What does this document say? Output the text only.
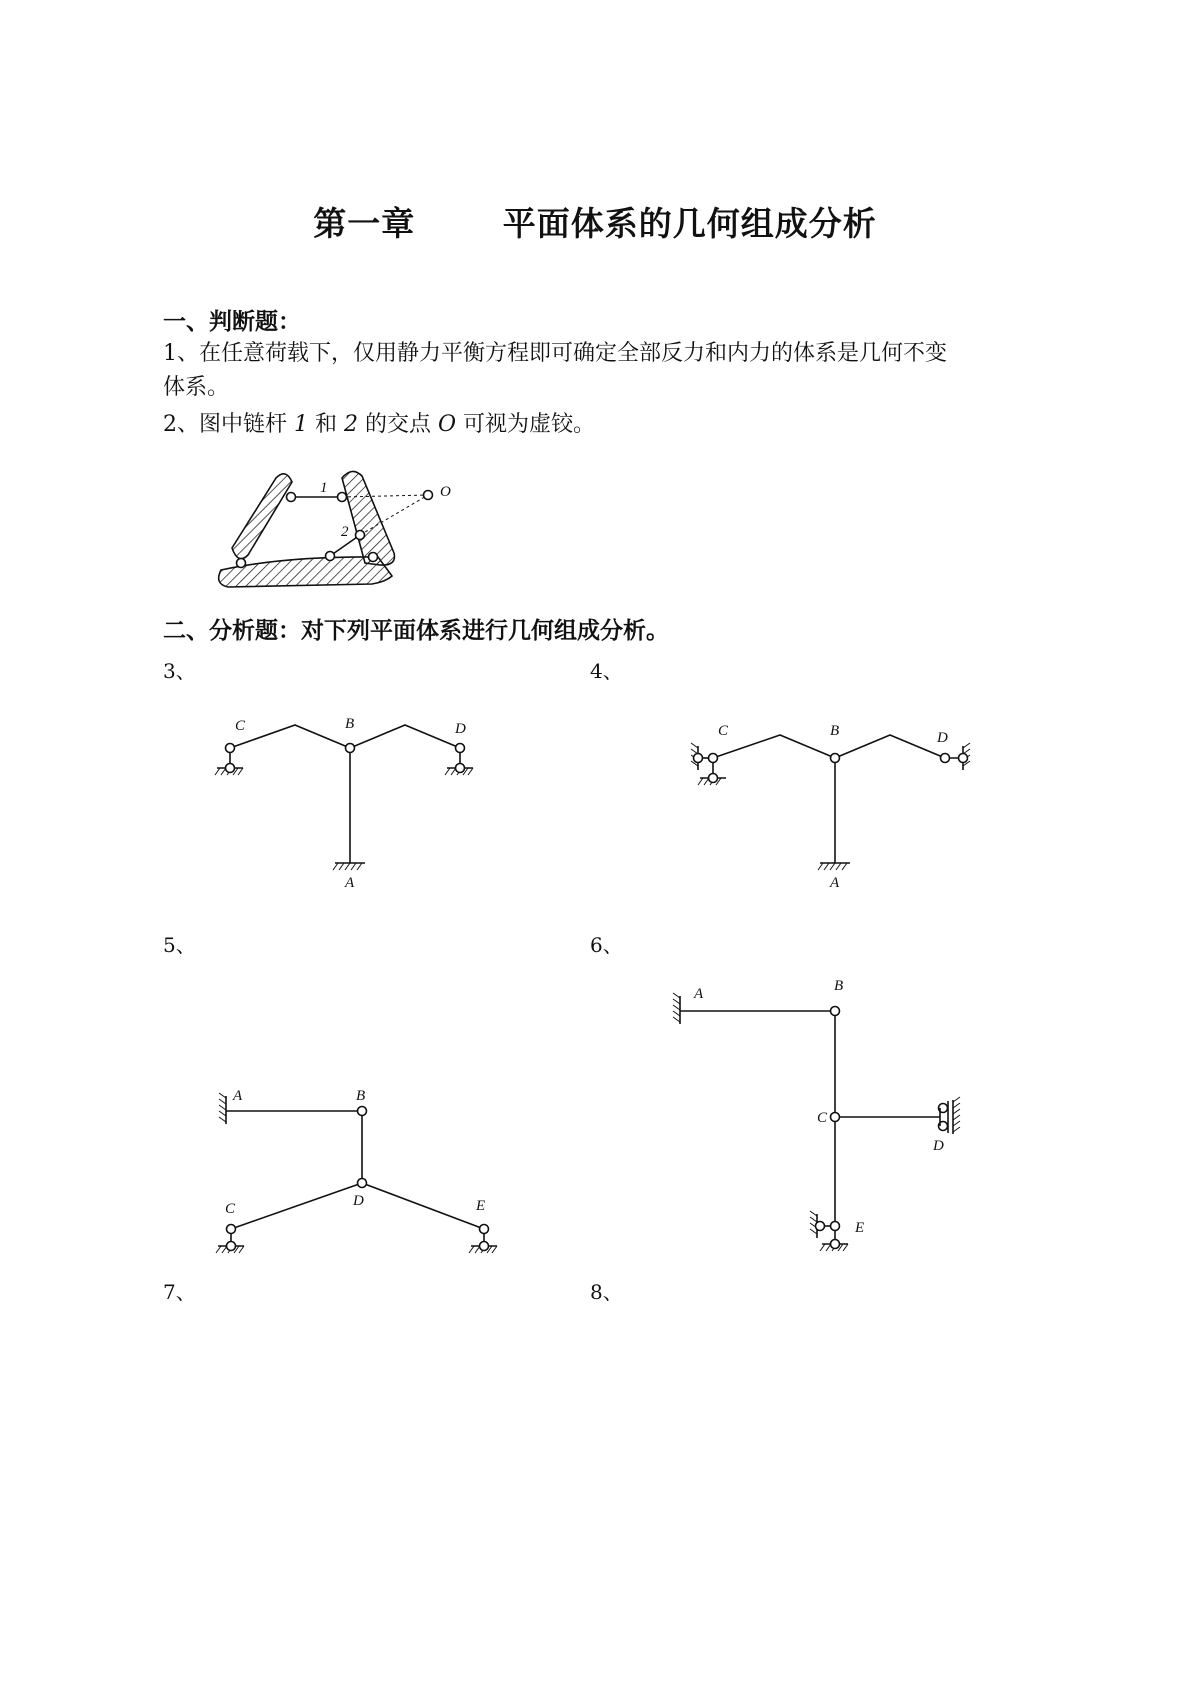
第一章       平面体系的几何组成分析
一、判断题：
1、在任意荷载下，仅用静力平衡方程即可确定全部反力和内力的体系是几何不变
体系。
2、图中链杆 1 和 2 的交点 O 可视为虚铰。
二、分析题：对下列平面体系进行几何组成分析。
3、	4、
5、	6、
7、	8、
1
2
O
C	B	D
A
C	B	D
A
A	B
C	D	E
A	B
C
D
E
